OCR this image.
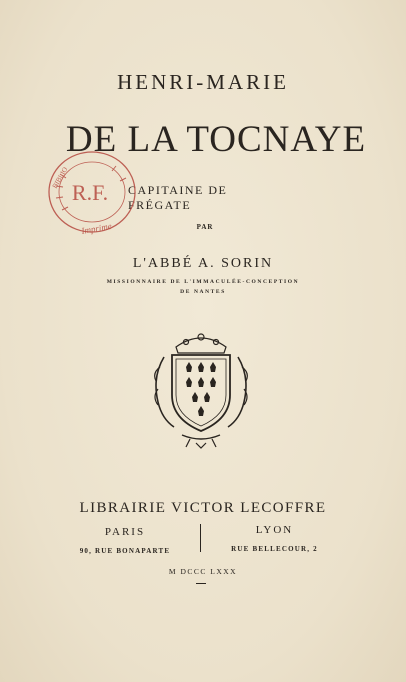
HENRI-MARIE
DE LA TOCNAYE
CAPITAINE DE FRÉGATE
PAR
L'ABBÉ A. SORIN
MISSIONNAIRE DE L'IMMACULÉE-CONCEPTION
DE NANTES
R.F.
Imprime
BIBLIO
LIBRAIRIE VICTOR LECOFFRE
PARIS
90, RUE BONAPARTE
LYON
RUE BELLECOUR, 2
M DCCC LXXX
